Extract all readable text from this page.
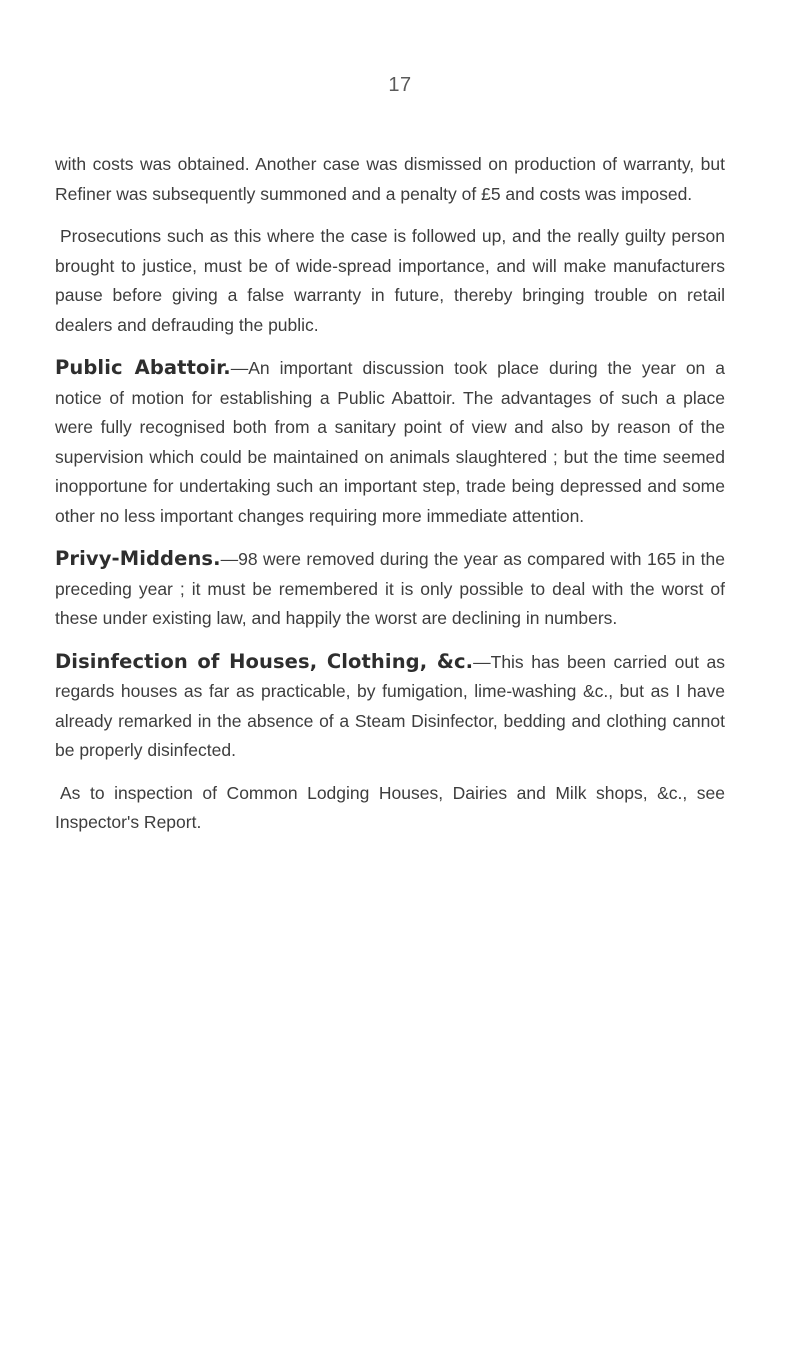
17

with costs was obtained. Another case was dismissed on production of warranty, but Refiner was subsequently summoned and a penalty of £5 and costs was imposed.

Prosecutions such as this where the case is followed up, and the really guilty person brought to justice, must be of wide-spread importance, and will make manufacturers pause before giving a false warranty in future, thereby bringing trouble on retail dealers and defrauding the public.

Public Abattoir.—An important discussion took place during the year on a notice of motion for establishing a Public Abattoir. The advantages of such a place were fully recognised both from a sanitary point of view and also by reason of the supervision which could be maintained on animals slaughtered ; but the time seemed inopportune for undertaking such an important step, trade being depressed and some other no less important changes requiring more immediate attention.

Privy-Middens.—98 were removed during the year as compared with 165 in the preceding year ; it must be remembered it is only possible to deal with the worst of these under existing law, and happily the worst are declining in numbers.

Disinfection of Houses, Clothing, &c.—This has been carried out as regards houses as far as practicable, by fumigation, lime-washing &c., but as I have already remarked in the absence of a Steam Disinfector, bedding and clothing cannot be properly disinfected.

As to inspection of Common Lodging Houses, Dairies and Milk shops, &c., see Inspector's Report.
